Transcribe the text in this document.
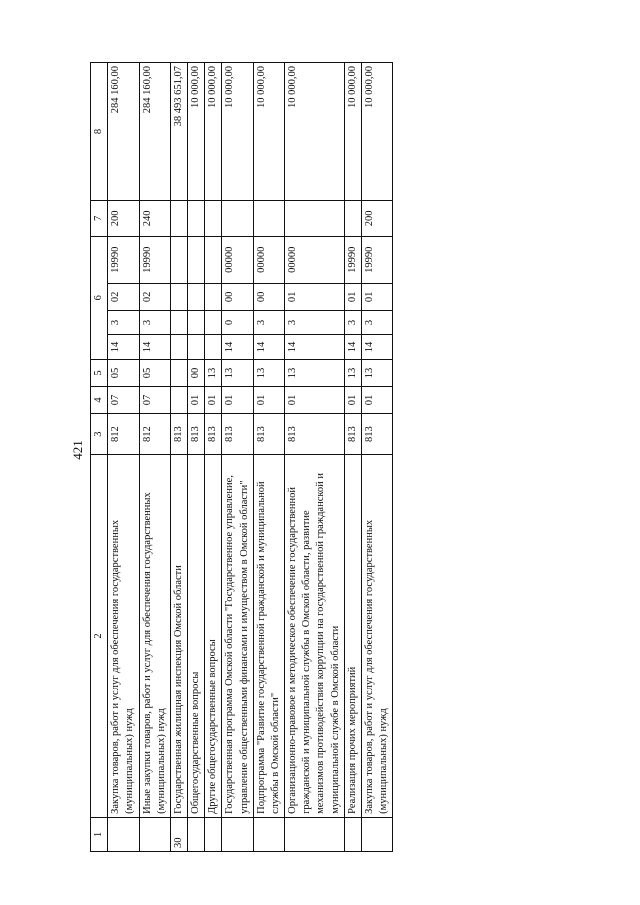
421
1	2	3	4	5	6				7	8
	Закупка товаров, работ и услуг для обеспечения государственных (муниципальных) нужд	812	07	05	14	3	02	19990	200	284 160,00
	Иные закупки товаров, работ и услуг для обеспечения государственных (муниципальных) нужд	812	07	05	14	3	02	19990	240	284 160,00
30	Государственная жилищная инспекция Омской области	813								38 493 651,07
	Общегосударственные вопросы	813	01	00						10 000,00
	Другие общегосударственные вопросы	813	01	13						10 000,00
	Государственная программа Омской области "Государственное управление, управление общественными финансами и имуществом в Омской области"	813	01	13	14	0	00	00000		10 000,00
	Подпрограмма "Развитие государственной гражданской и муниципальной службы в Омской области"	813	01	13	14	3	00	00000		10 000,00
	Организационно-правовое и методическое обеспечение государственной гражданской и муниципальной службы в Омской области, развитие механизмов противодействия коррупции на государственной гражданской и муниципальной службе в Омской области	813	01	13	14	3	01	00000		10 000,00
	Реализация прочих мероприятий	813	01	13	14	3	01	19990		10 000,00
	Закупка товаров, работ и услуг для обеспечения государственных (муниципальных) нужд	813	01	13	14	3	01	19990	200	10 000,00
